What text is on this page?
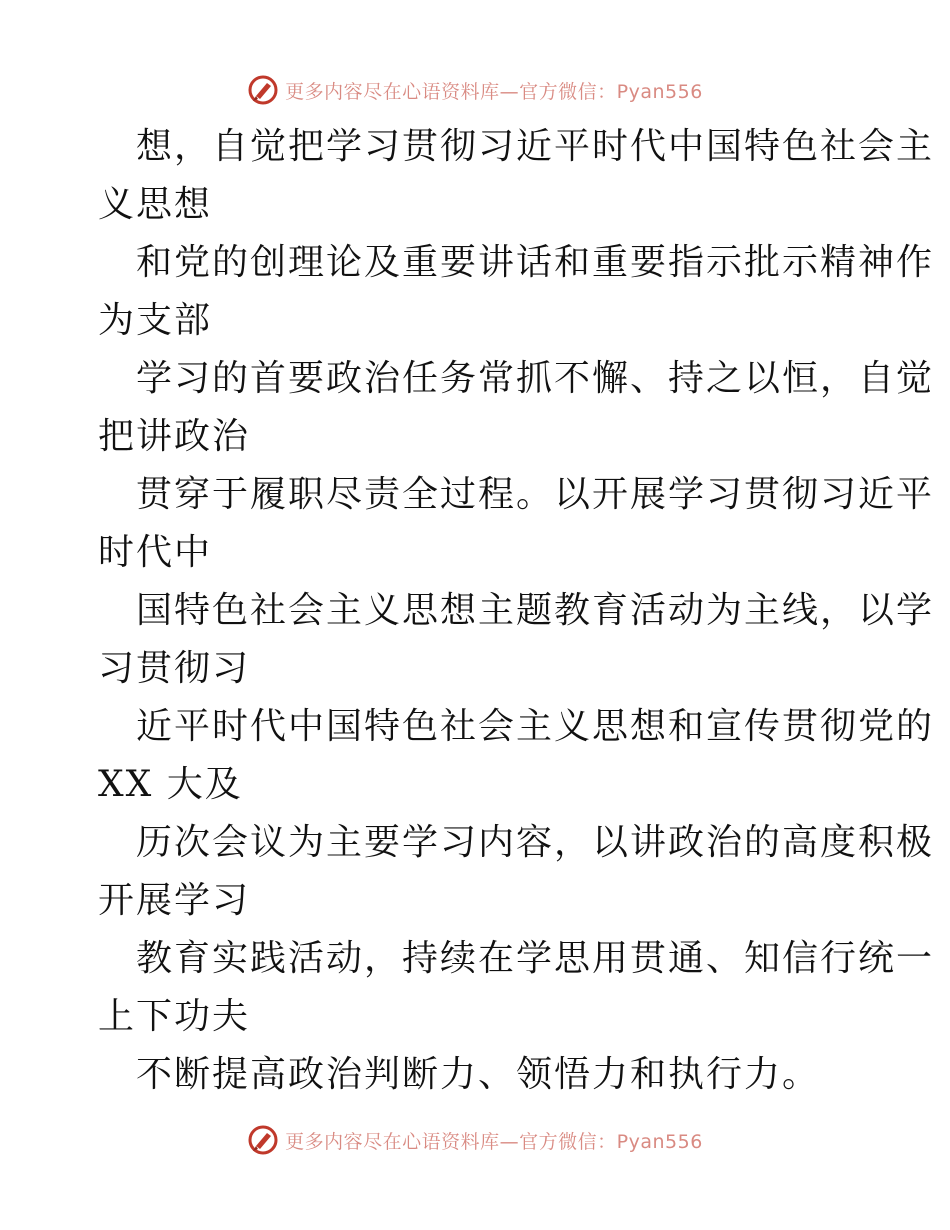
更多内容尽在心语资料库—官方微信：Pyan556
想，自觉把学习贯彻习近平时代中国特色社会主
义思想
和党的创理论及重要讲话和重要指示批示精神作
为支部
学习的首要政治任务常抓不懈、持之以恒，自觉
把讲政治
贯穿于履职尽责全过程。以开展学习贯彻习近平
时代中
国特色社会主义思想主题教育活动为主线，以学
习贯彻习
近平时代中国特色社会主义思想和宣传贯彻党的
XX 大及
历次会议为主要学习内容，以讲政治的高度积极
开展学习
教育实践活动，持续在学思用贯通、知信行统一
上下功夫
不断提高政治判断力、领悟力和执行力。
更多内容尽在心语资料库—官方微信：Pyan556
